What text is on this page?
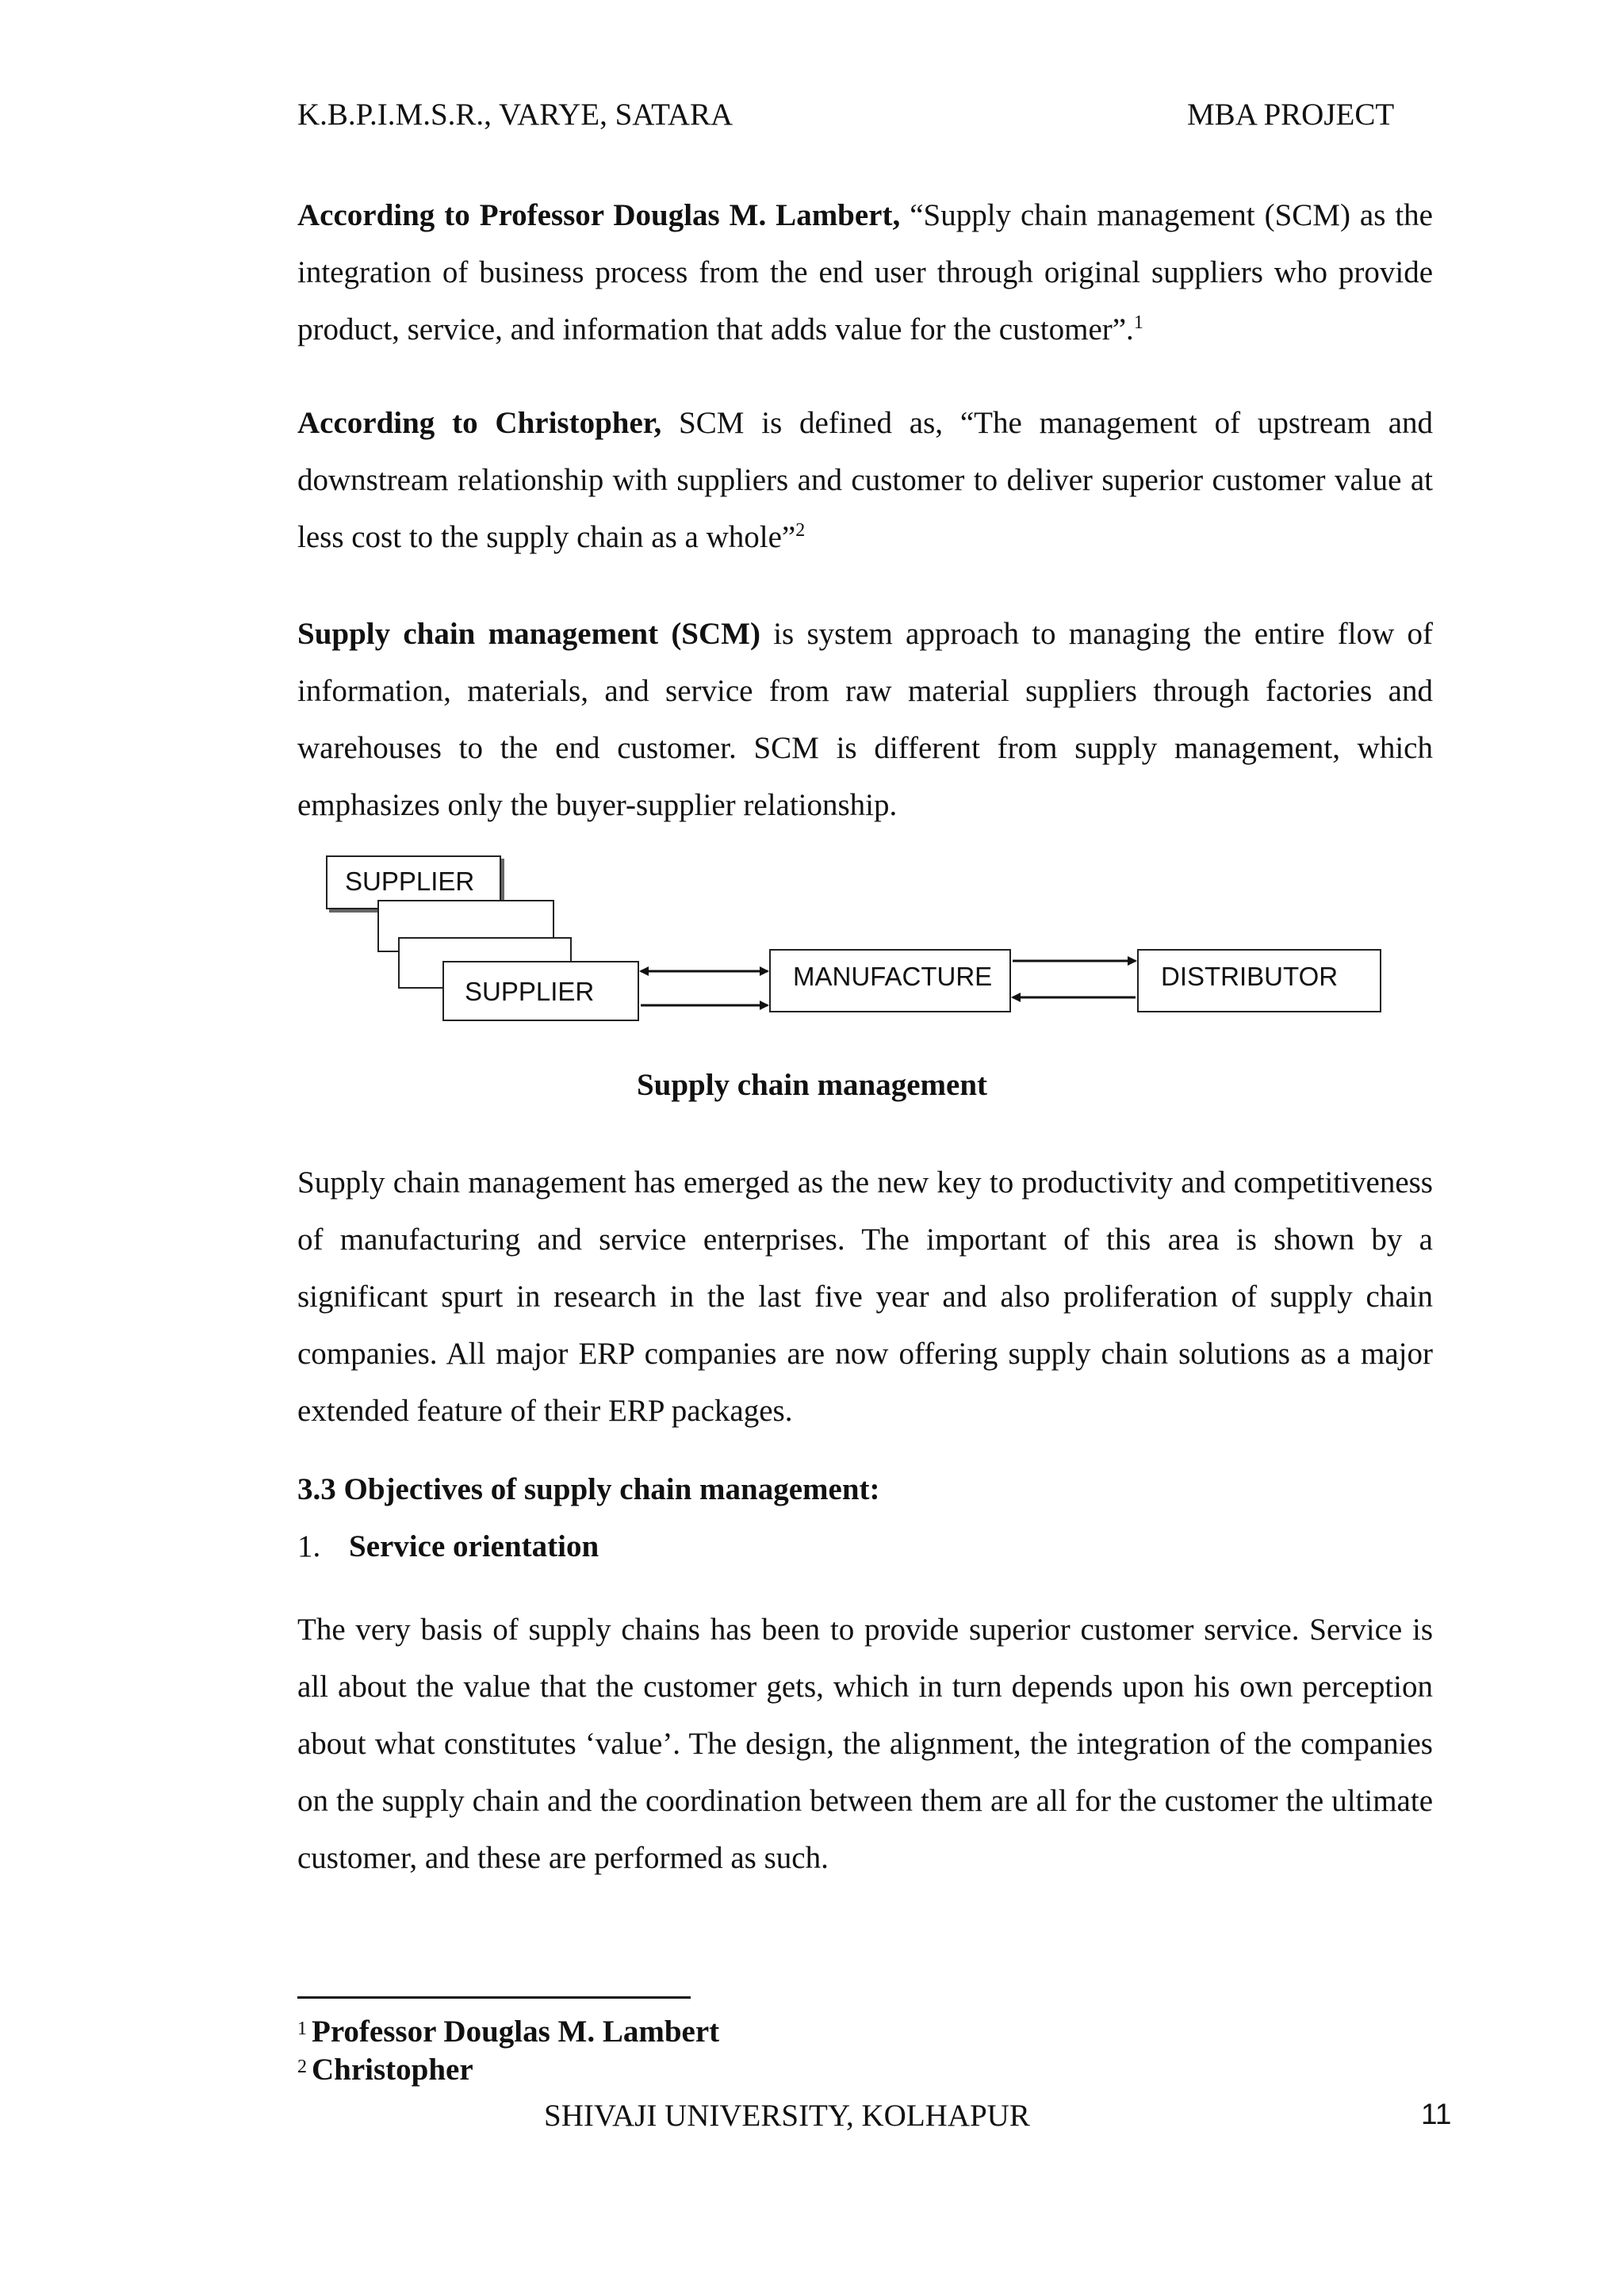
K.B.P.I.M.S.R., VARYE, SATARA	MBA PROJECT

According to Professor Douglas M. Lambert, “Supply chain management (SCM) as the integration of business process from the end user through original suppliers who provide product, service, and information that adds value for the customer”.$^1$

According to Christopher, SCM is defined as, “The management of upstream and downstream relationship with suppliers and customer to deliver superior customer value at less cost to the supply chain as a whole”$^2$

Supply chain management (SCM) is system approach to managing the entire flow of information, materials, and service from raw material suppliers through factories and warehouses to the end customer. SCM is different from supply management, which emphasizes only the buyer-supplier relationship.

SUPPLIER
SUPPLIER
MANUFACTURE	DISTRIBUTOR
Supply chain management

Supply chain management has emerged as the new key to productivity and competitiveness of manufacturing and service enterprises. The important of this area is shown by a significant spurt in research in the last five year and also proliferation of supply chain companies. All major ERP companies are now offering supply chain solutions as a major extended feature of their ERP packages.

3.3 Objectives of supply chain management:
1. Service orientation

The very basis of supply chains has been to provide superior customer service. Service is all about the value that the customer gets, which in turn depends upon his own perception about what constitutes ‘value’. The design, the alignment, the integration of the companies on the supply chain and the coordination between them are all for the customer the ultimate customer, and these are performed as such.

$^1$ Professor Douglas M. Lambert
$^2$ Christopher
SHIVAJI UNIVERSITY, KOLHAPUR	11
